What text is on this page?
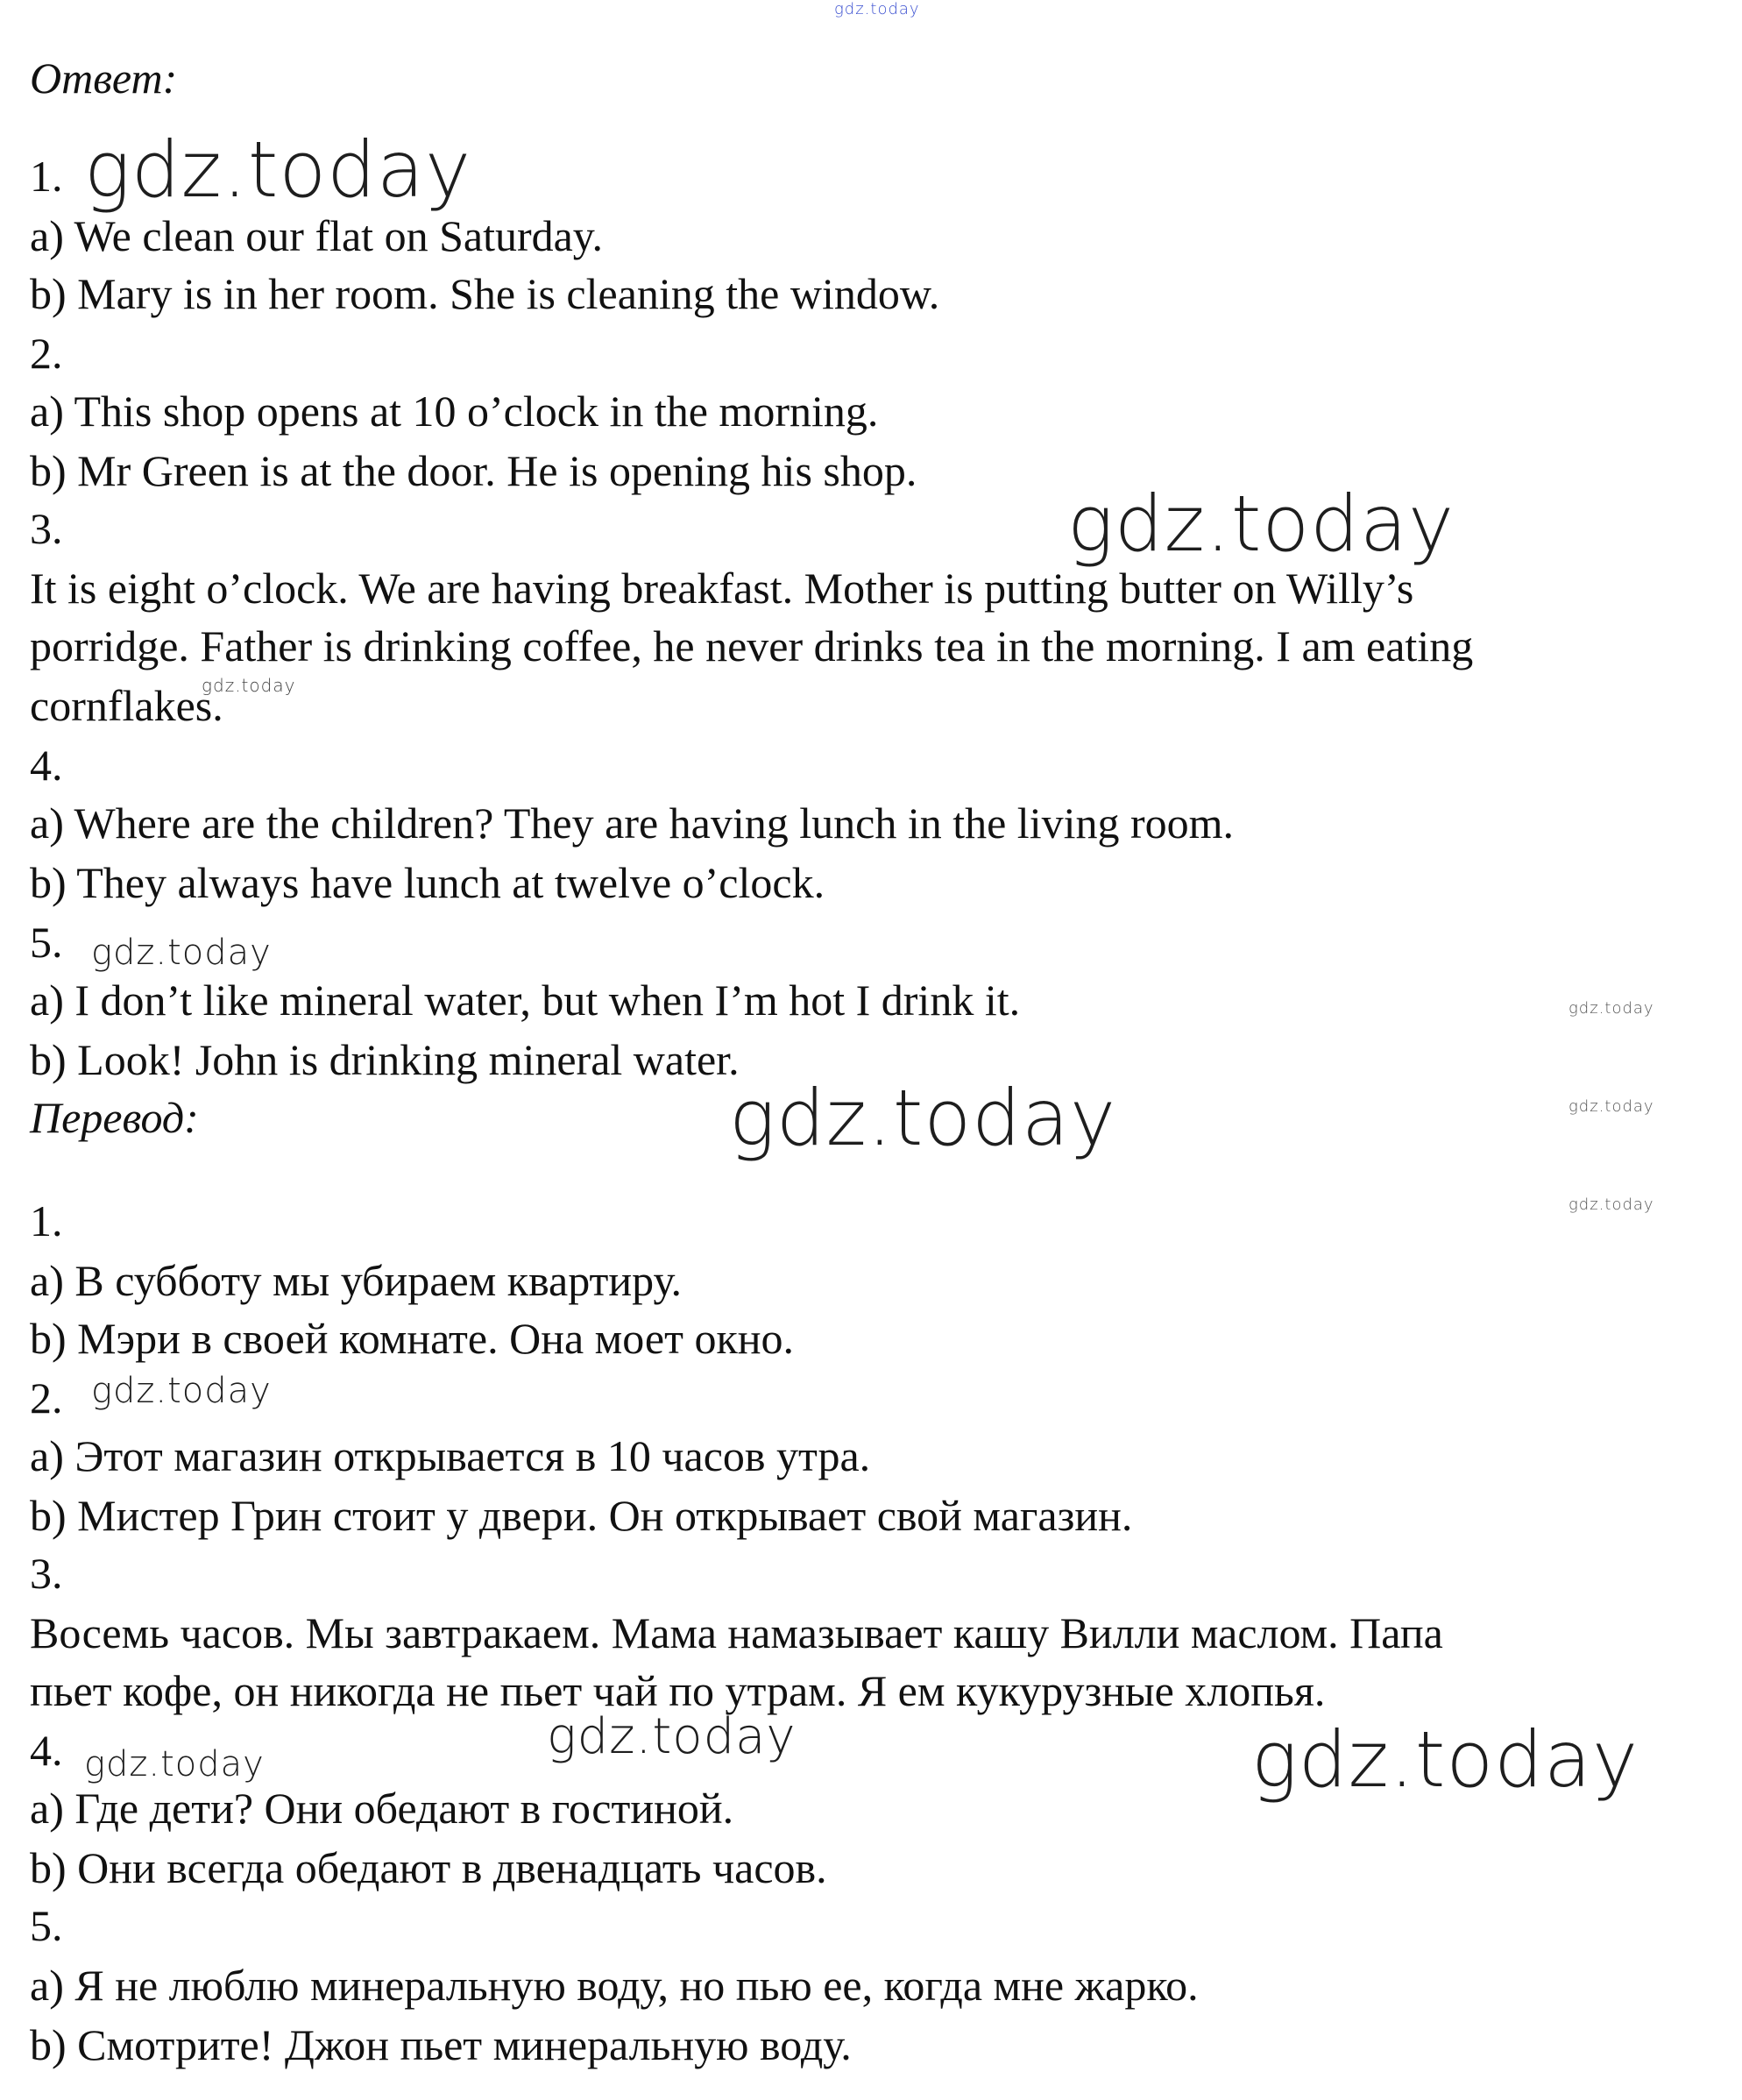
gdz.today

Ответ:

1.

a) We clean our flat on Saturday.

b) Mary is in her room. She is cleaning the window.

2.

a) This shop opens at 10 o’clock in the morning.

b) Mr Green is at the door. He is opening his shop.

3.

It is eight o’clock. We are having breakfast. Mother is putting butter on Willy’s

porridge. Father is drinking coffee, he never drinks tea in the morning. I am eating

cornflakes.

4.

a) Where are the children? They are having lunch in the living room.

b) They always have lunch at twelve o’clock.

5.

a) I don’t like mineral water, but when I’m hot I drink it.

b) Look! John is drinking mineral water.

Перевод:

1.

а) В субботу мы убираем квартиру.

b) Мэри в своей комнате. Она моет окно.

2.

а) Этот магазин открывается в 10 часов утра.

b) Мистер Грин стоит у двери. Он открывает свой магазин.

3.

Восемь часов. Мы завтракаем. Мама намазывает кашу Вилли маслом. Папа

пьет кофе, он никогда не пьет чай по утрам. Я ем кукурузные хлопья.

4.

а) Где дети? Они обедают в гостиной.

b) Они всегда обедают в двенадцать часов.

5.

а) Я не люблю минеральную воду, но пью ее, когда мне жарко.

b) Смотрите! Джон пьет минеральную воду.

gdz.today
gdz.today
gdz.today
gdz.today
gdz.today
gdz.today
gdz.today
gdz.today
gdz.today
gdz.today	gdz.today
gdz.today
